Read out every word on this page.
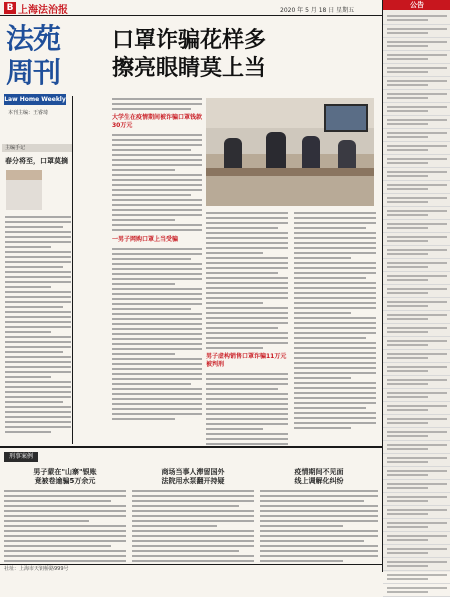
B 上海法治报	2020 年 5 月 18 日 星期五
公告
法苑
周刊
Law Home Weekly
本刊主编：王睿琦
口罩诈骗花样多
擦亮眼睛莫上当
主编手记
春分将至，口罩莫摘
大学生在疫情期间被诈骗口罩钱款30万元
一男子网购口罩上当受骗
男子虚构销售口罩诈骗11万元被判刑
刑事案例
男子蒙在"山寨"银账
竟被卷逾骗5万余元
商场当事人滞留国外
法院用水泵翻开持疑
疫情期间不见面
线上调解化纠纷
社址：上海市天钥桥路999号
